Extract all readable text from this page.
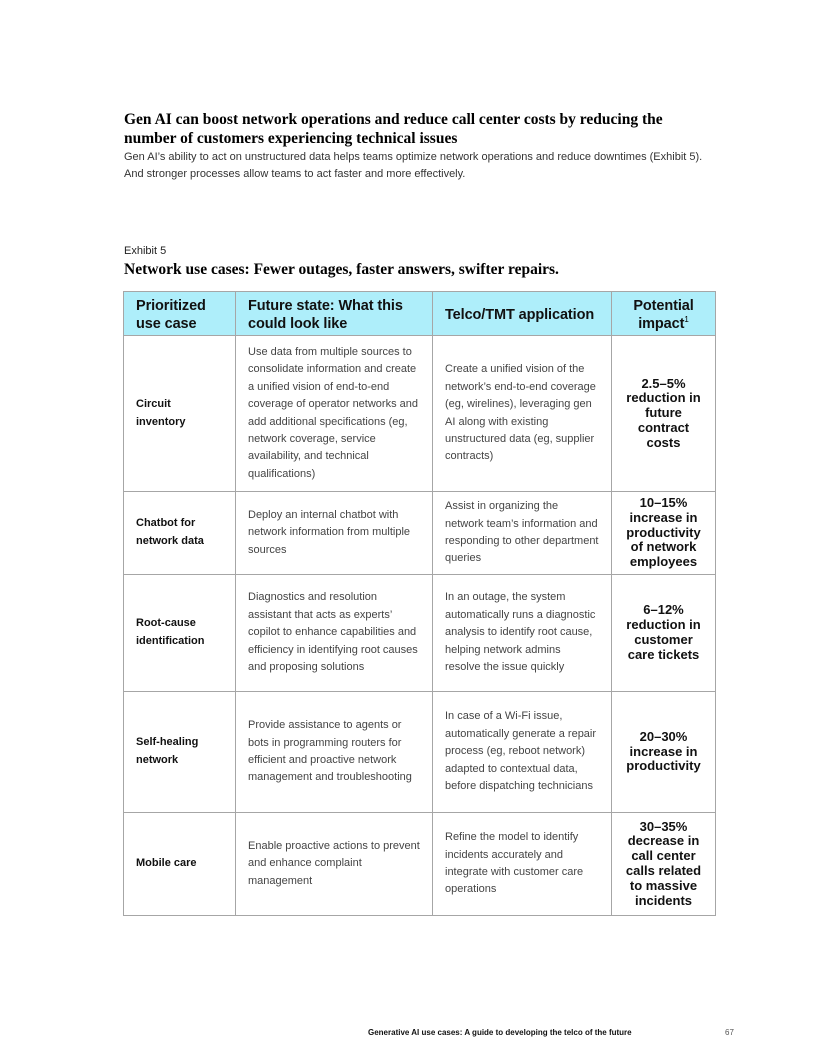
Gen AI can boost network operations and reduce call center costs by reducing the number of customers experiencing technical issues
Gen AI’s ability to act on unstructured data helps teams optimize network operations and reduce downtimes (Exhibit 5). And stronger processes allow teams to act faster and more effectively.
Exhibit 5
Network use cases: Fewer outages, faster answers, swifter repairs.
Prioritized use case	Future state: What this could look like	Telco/TMT application	Potential impact$^1$
Circuit inventory	Use data from multiple sources to consolidate information and create a unified vision of end-to-end coverage of operator networks and add additional specifications (eg, network coverage, service availability, and technical qualifications)	Create a unified vision of the network’s end-to-end coverage (eg, wirelines), leveraging gen AI along with existing unstructured data (eg, supplier contracts)	2.5–5% reduction in future contract costs
Chatbot for network data	Deploy an internal chatbot with network information from multiple sources	Assist in organizing the network team’s information and responding to other department queries	10–15% increase in productivity of network employees
Root-cause identification	Diagnostics and resolution assistant that acts as experts’ copilot to enhance capabilities and efficiency in identifying root causes and proposing solutions	In an outage, the system automatically runs a diagnostic analysis to identify root cause, helping network admins resolve the issue quickly	6–12% reduction in customer care tickets
Self-healing network	Provide assistance to agents or bots in programming routers for efficient and proactive network management and troubleshooting	In case of a Wi-Fi issue, automatically generate a repair process (eg, reboot network) adapted to contextual data, before dispatching technicians	20–30% increase in productivity
Mobile care	Enable proactive actions to prevent and enhance complaint management	Refine the model to identify incidents accurately and integrate with customer care operations	30–35% decrease in call center calls related to massive incidents
Generative AI use cases: A guide to developing the telco of the future	67
